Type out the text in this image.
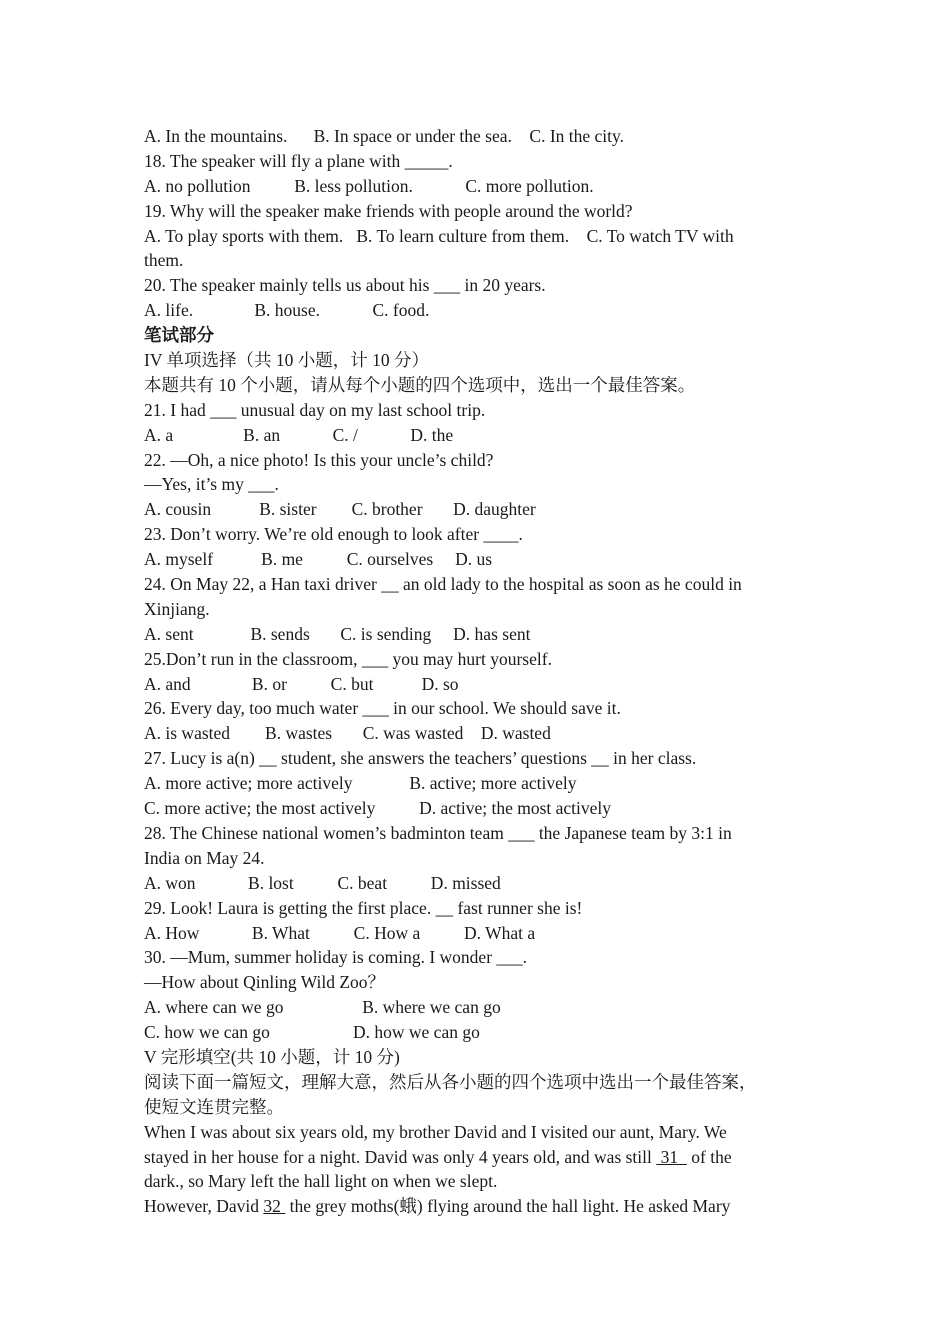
A. In the mountains.      B. In space or under the sea.    C. In the city.
18. The speaker will fly a plane with _____.
A. no pollution          B. less pollution.            C. more pollution.
19. Why will the speaker make friends with people around the world?
A. To play sports with them.   B. To learn culture from them.    C. To watch TV with
them.
20. The speaker mainly tells us about his ___ in 20 years.
A. life.              B. house.            C. food.
笔试部分
IV 单项选择（共 10 小题，计 10 分）
本题共有 10 个小题，请从每个小题的四个选项中，选出一个最佳答案。
21. I had ___ unusual day on my last school trip.
A. a                B. an            C. /            D. the
22. —Oh, a nice photo! Is this your uncle’s child?
—Yes, it’s my ___.
A. cousin           B. sister        C. brother       D. daughter
23. Don’t worry. We’re old enough to look after ____.
A. myself           B. me          C. ourselves     D. us
24. On May 22, a Han taxi driver __ an old lady to the hospital as soon as he could in
Xinjiang.
A. sent             B. sends       C. is sending     D. has sent
25.Don’t run in the classroom, ___ you may hurt yourself.
A. and              B. or          C. but           D. so
26. Every day, too much water ___ in our school. We should save it.
A. is wasted        B. wastes       C. was wasted    D. wasted
27. Lucy is a(n) __ student, she answers the teachers’ questions __ in her class.
A. more active; more actively             B. active; more actively
C. more active; the most actively          D. active; the most actively
28. The Chinese national women’s badminton team ___ the Japanese team by 3:1 in
India on May 24.
A. won            B. lost          C. beat          D. missed
29. Look! Laura is getting the first place. __ fast runner she is!
A. How            B. What          C. How a          D. What a
30. —Mum, summer holiday is coming. I wonder ___.
—How about Qinling Wild Zoo？
A. where can we go                  B. where we can go
C. how we can go                   D. how we can go
V 完形填空(共 10 小题，计 10 分)
阅读下面一篇短文，理解大意，然后从各小题的四个选项中选出一个最佳答案，
使短文连贯完整。
When I was about six years old, my brother David and I visited our aunt, Mary. We
stayed in her house for a night. David was only 4 years old, and was still  31   of the
dark., so Mary left the hall light on when we slept.
However, David 32  the grey moths(蛾) flying around the hall light. He asked Mary
